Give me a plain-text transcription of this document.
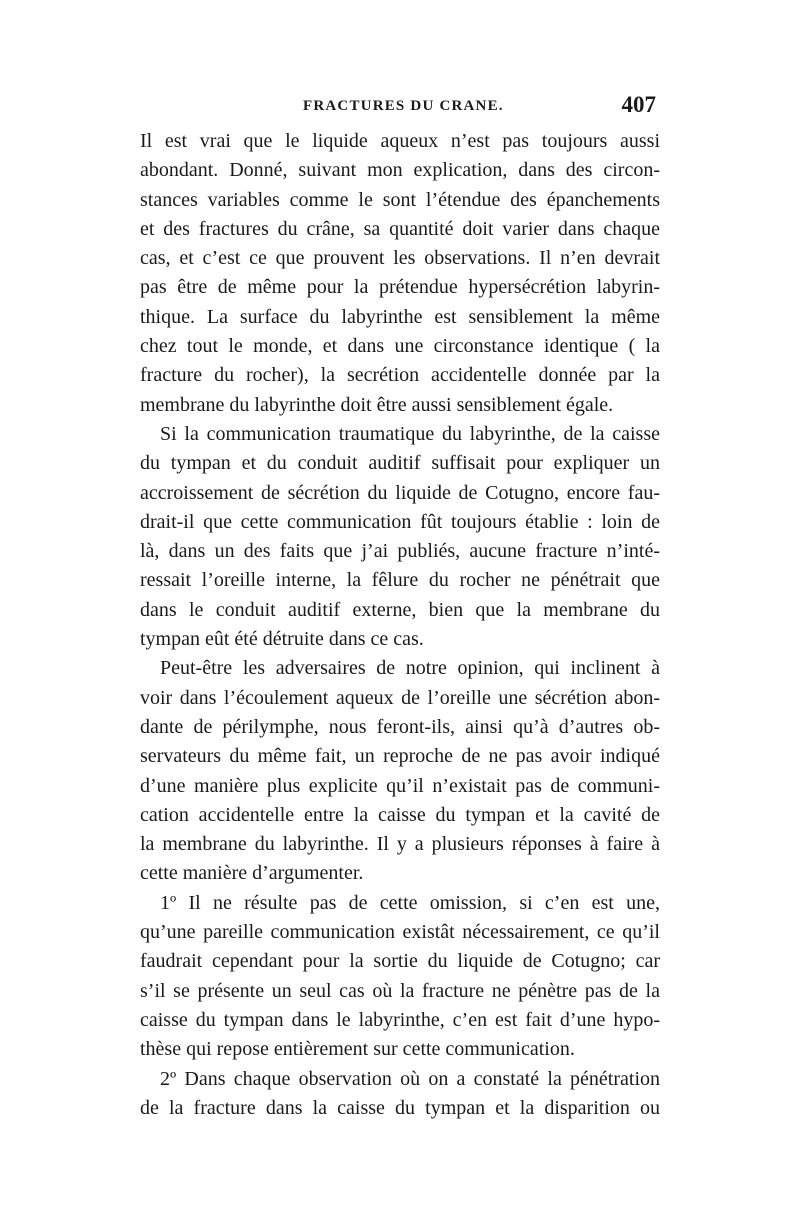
FRACTURES DU CRANE.	407
Il est vrai que le liquide aqueux n’est pas toujours aussi
abondant. Donné, suivant mon explication, dans des circon-
stances variables comme le sont l’étendue des épanchements
et des fractures du crâne, sa quantité doit varier dans chaque
cas, et c’est ce que prouvent les observations. Il n’en devrait
pas être de même pour la prétendue hypersécrétion labyrin-
thique. La surface du labyrinthe est sensiblement la même
chez tout le monde, et dans une circonstance identique ( la
fracture du rocher), la secrétion accidentelle donnée par la
membrane du labyrinthe doit être aussi sensiblement égale.
Si la communication traumatique du labyrinthe, de la caisse
du tympan et du conduit auditif suffisait pour expliquer un
accroissement de sécrétion du liquide de Cotugno, encore fau-
drait-il que cette communication fût toujours établie : loin de
là, dans un des faits que j’ai publiés, aucune fracture n’inté-
ressait l’oreille interne, la fêlure du rocher ne pénétrait que
dans le conduit auditif externe, bien que la membrane du
tympan eût été détruite dans ce cas.
Peut-être les adversaires de notre opinion, qui inclinent à
voir dans l’écoulement aqueux de l’oreille une sécrétion abon-
dante de périlymphe, nous feront-ils, ainsi qu’à d’autres ob-
servateurs du même fait, un reproche de ne pas avoir indiqué
d’une manière plus explicite qu’il n’existait pas de communi-
cation accidentelle entre la caisse du tympan et la cavité de
la membrane du labyrinthe. Il y a plusieurs réponses à faire à
cette manière d’argumenter.
1º Il ne résulte pas de cette omission, si c’en est une,
qu’une pareille communication existât nécessairement, ce qu’il
faudrait cependant pour la sortie du liquide de Cotugno; car
s’il se présente un seul cas où la fracture ne pénètre pas de la
caisse du tympan dans le labyrinthe, c’en est fait d’une hypo-
thèse qui repose entièrement sur cette communication.
2º Dans chaque observation où on a constaté la pénétration
de la fracture dans la caisse du tympan et la disparition ou
